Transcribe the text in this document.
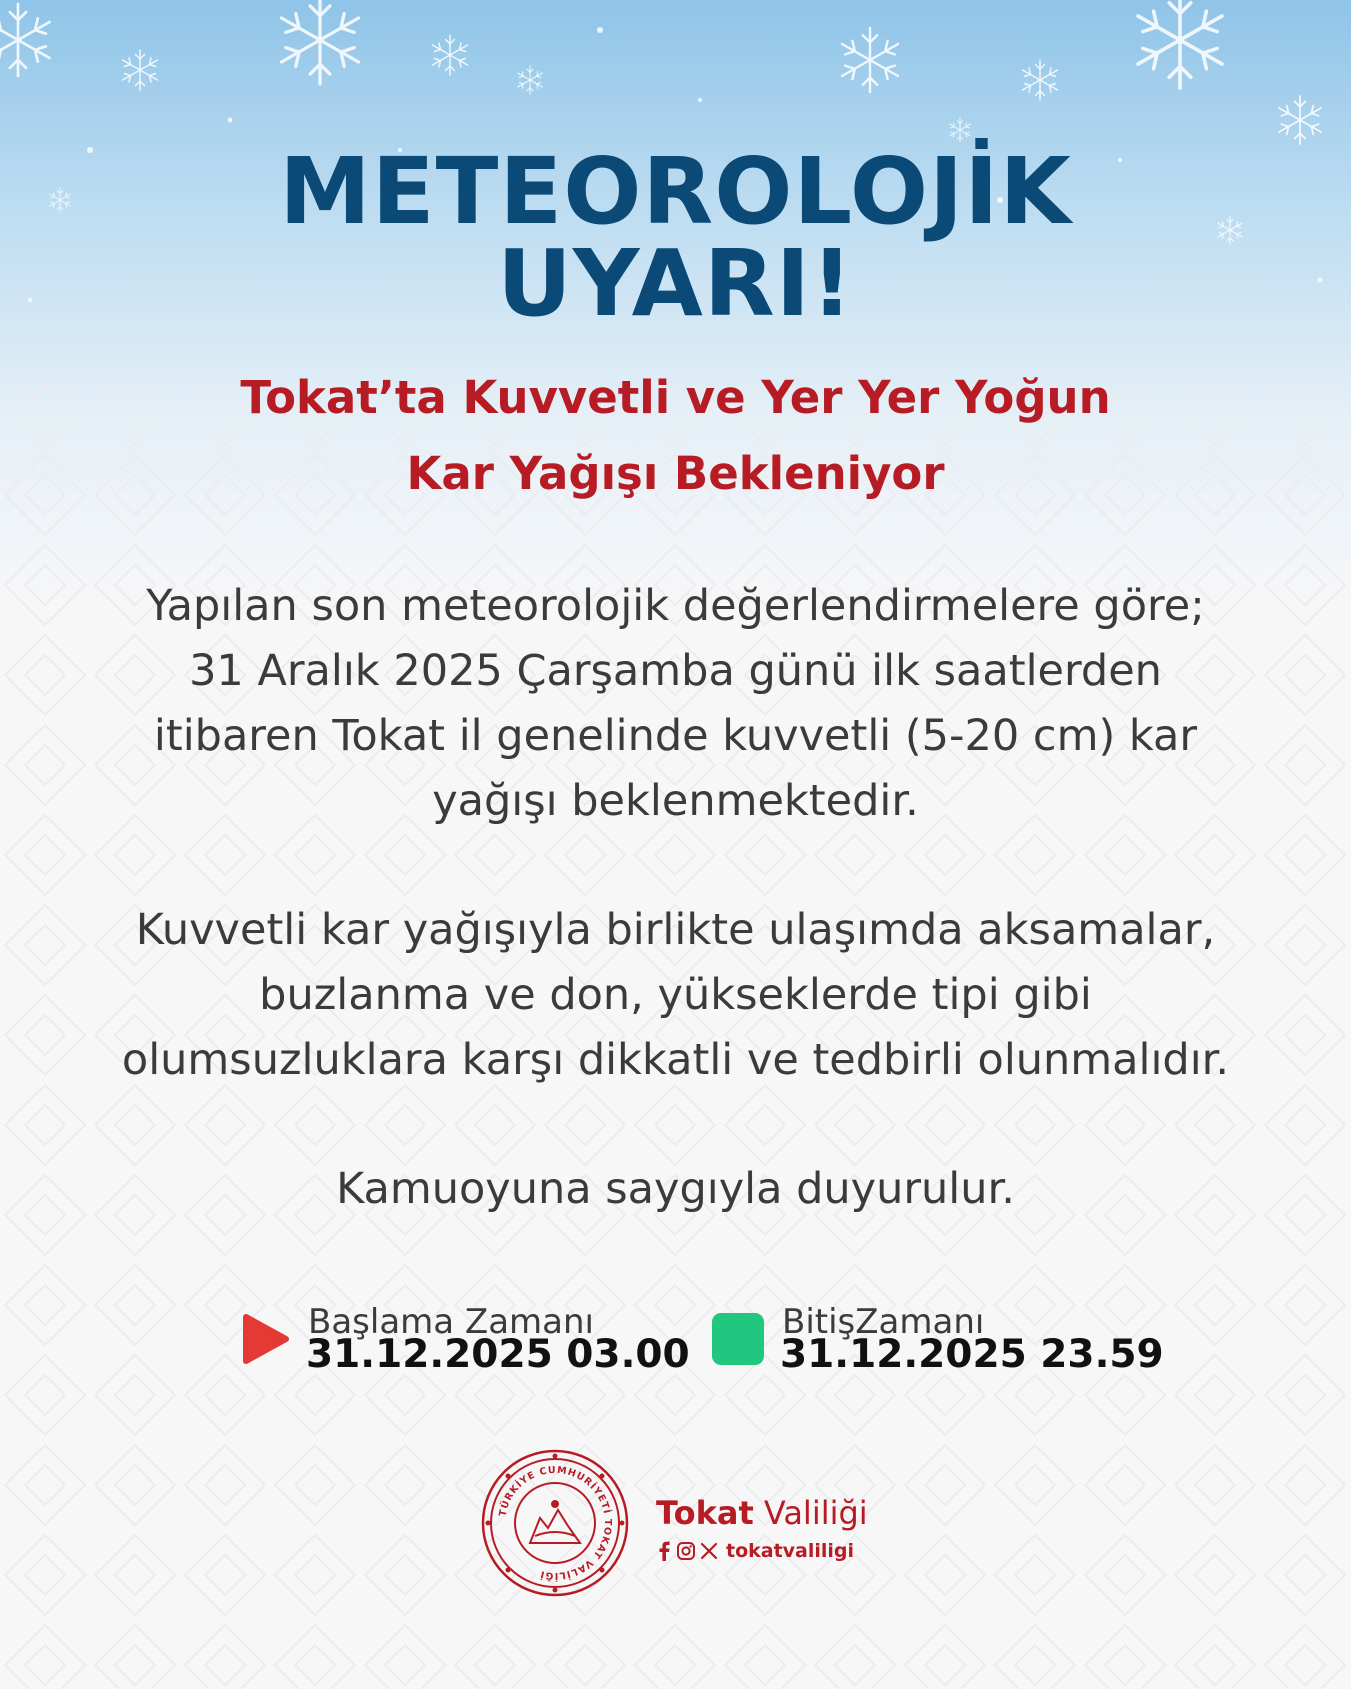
METEOROLOJİK
UYARI!
Tokat’ta Kuvvetli ve Yer Yer Yoğun
Kar Yağışı Bekleniyor
Yapılan son meteorolojik değerlendirmelere göre;
31 Aralık 2025 Çarşamba günü ilk saatlerden
itibaren Tokat il genelinde kuvvetli (5-20 cm) kar
yağışı beklenmektedir.
Kuvvetli kar yağışıyla birlikte ulaşımda aksamalar,
buzlanma ve don, yükseklerde tipi gibi
olumsuzluklara karşı dikkatli ve tedbirli olunmalıdır.
Kamuoyuna saygıyla duyurulur.
Başlama Zamanı
31.12.2025 03.00
BitişZamanı
31.12.2025 23.59
TÜRKİYE CUMHURİYETİ TOKAT VALİLİĞİ
Tokat Valiliği
tokatvaliligi
